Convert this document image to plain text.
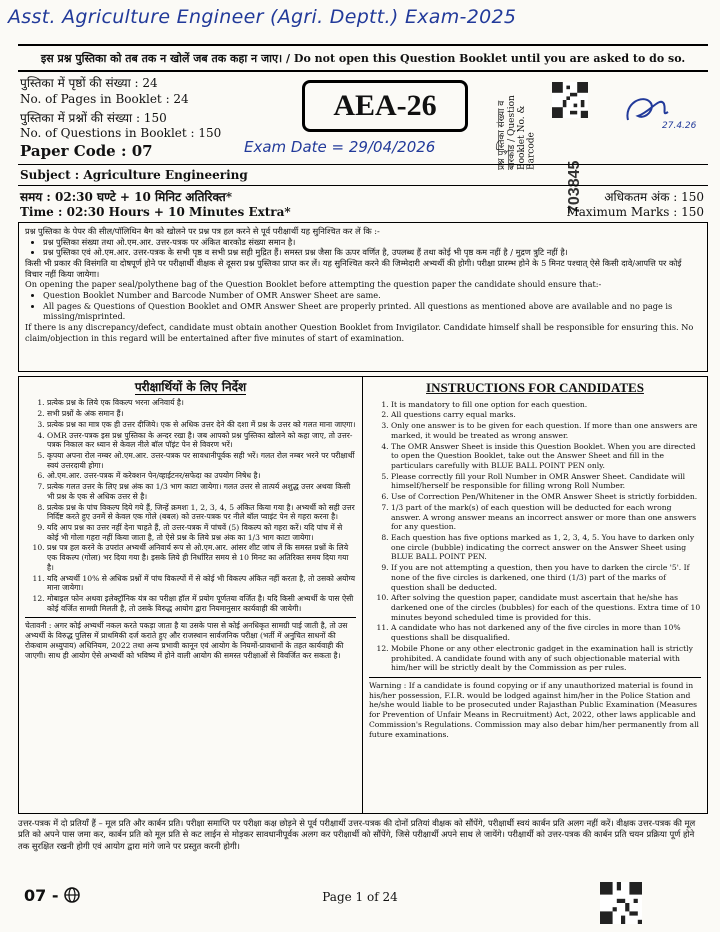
Asst. Agriculture Engineer (Agri. Deptt.) Exam-2025
इस प्रश्न पुस्तिका को तब तक न खोलें जब तक कहा न जाए। / Do not open this Question Booklet until you are asked to do so.
पुस्तिका में पृष्ठों की संख्या : 24
No. of Pages in Booklet : 24
पुस्तिका में प्रश्नों की संख्या : 150
No. of Questions in Booklet : 150
Paper Code : 07
AEA-26
Exam Date = 29/04/2026	प्रश्न पुस्तिका संख्या व बारकोड / Question Booklet No. & Barcode
703845
27.4.26
Subject : Agriculture Engineering
समय : 02:30 घण्टे + 10 मिनिट अतिरिक्त*	अधिकतम अंक : 150
Time : 02:30 Hours + 10 Minutes Extra*	Maximum Marks : 150

प्रश्न पुस्तिका के पेपर की सील/पॉलिथिन बैग को खोलने पर प्रश्न पत्र हल करने से पूर्व परीक्षार्थी यह सुनिश्चित कर लें कि :-

• प्रश्न पुस्तिका संख्या तथा ओ.एम.आर. उत्तर-पत्रक पर अंकित बारकोड संख्या समान है।
• प्रश्न पुस्तिका एवं ओ.एम.आर. उत्तर-पत्रक के सभी पृष्ठ व सभी प्रश्न सही मुद्रित हैं। समस्त प्रश्न जैसा कि ऊपर वर्णित है, उपलब्ध हैं तथा कोई भी पृष्ठ कम नहीं है / मुद्रण त्रुटि नहीं है।

किसी भी प्रकार की विसंगति या दोषपूर्ण होने पर परीक्षार्थी वीक्षक से दूसरा प्रश्न पुस्तिका प्राप्त कर लें। यह सुनिश्चित करने की जिम्मेदारी अभ्यर्थी की होगी। परीक्षा प्रारम्भ होने के 5 मिनट पश्चात् ऐसे किसी दावे/आपत्ति पर कोई विचार नहीं किया जायेगा।

On opening the paper seal/polythene bag of the Question Booklet before attempting the question paper the candidate should ensure that:-

• Question Booklet Number and Barcode Number of OMR Answer Sheet are same.
• All pages & Questions of Question Booklet and OMR Answer Sheet are properly printed. All questions as mentioned above are available and no page is missing/misprinted.

If there is any discrepancy/defect, candidate must obtain another Question Booklet from Invigilator. Candidate himself shall be responsible for ensuring this. No claim/objection in this regard will be entertained after five minutes of start of examination.

परीक्षार्थियों के लिए निर्देश
1. प्रत्येक प्रश्न के लिये एक विकल्प भरना अनिवार्य है।
2. सभी प्रश्नों के अंक समान हैं।
3. प्रत्येक प्रश्न का मात्र एक ही उत्तर दीजिये। एक से अधिक उत्तर देने की दशा में प्रश्न के उत्तर को गलत माना जाएगा।
4. OMR उत्तर-पत्रक इस प्रश्न पुस्तिका के अन्दर रखा है। जब आपको प्रश्न पुस्तिका खोलने को कहा जाए, तो उत्तर-पत्रक निकाल कर ध्यान से केवल नीले बॉल पॉइंट पेन से विवरण भरें।
5. कृपया अपना रोल नम्बर ओ.एम.आर. उत्तर-पत्रक पर सावधानीपूर्वक सही भरें। गलत रोल नम्बर भरने पर परीक्षार्थी स्वयं उत्तरदायी होगा।
6. ओ.एम.आर. उत्तर-पत्रक में करेक्शन पेन/व्हाईटनर/सफेदा का उपयोग निषेध है।
7. प्रत्येक गलत उत्तर के लिए प्रश्न अंक का 1/3 भाग काटा जायेगा। गलत उत्तर से तात्पर्य अशुद्ध उत्तर अथवा किसी भी प्रश्न के एक से अधिक उत्तर से है।
8. प्रत्येक प्रश्न के पांच विकल्प दिये गये हैं, जिन्हें क्रमशः 1, 2, 3, 4, 5 अंकित किया गया है। अभ्यर्थी को सही उत्तर निर्दिष्ट करते हुए उनमें से केवल एक गोले (बबल) को उत्तर-पत्रक पर नीले बॉल प्वाइंट पेन से गहरा करना है।
9. यदि आप प्रश्न का उत्तर नहीं देना चाहते हैं, तो उत्तर-पत्रक में पांचवें (5) विकल्प को गहरा करें। यदि पांच में से कोई भी गोला गहरा नहीं किया जाता है, तो ऐसे प्रश्न के लिये प्रश्न अंक का 1/3 भाग काटा जायेगा।
10. प्रश्न पत्र हल करने के उपरांत अभ्यर्थी अनिवार्य रूप से ओ.एम.आर. आंसर शीट जांच लें कि समस्त प्रश्नों के लिये एक विकल्प (गोला) भर दिया गया है। इसके लिये ही निर्धारित समय से 10 मिनट का अतिरिक्त समय दिया गया है।
11. यदि अभ्यर्थी 10% से अधिक प्रश्नों में पांच विकल्पों में से कोई भी विकल्प अंकित नहीं करता है, तो उसको अयोग्य माना जायेगा।
12. मोबाइल फोन अथवा इलेक्ट्रॉनिक यंत्र का परीक्षा हॉल में प्रयोग पूर्णतया वर्जित है। यदि किसी अभ्यर्थी के पास ऐसी कोई वर्जित सामग्री मिलती है, तो उसके विरुद्ध आयोग द्वारा नियमानुसार कार्यवाही की जायेगी।
चेतावनी : अगर कोई अभ्यर्थी नकल करते पकड़ा जाता है या उसके पास से कोई अनधिकृत सामग्री पाई जाती है, तो उस अभ्यर्थी के विरुद्ध पुलिस में प्राथमिकी दर्ज कराते हुए और राजस्थान सार्वजनिक परीक्षा (भर्ती में अनुचित साधनों की रोकथाम अध्युपाय) अधिनियम, 2022 तथा अन्य प्रभावी कानून एवं आयोग के नियमों-प्रावधानों के तहत कार्यवाही की जाएगी। साथ ही आयोग ऐसे अभ्यर्थी को भविष्य में होने वाली आयोग की समस्त परीक्षाओं से विवर्जित कर सकता है।
INSTRUCTIONS FOR CANDIDATES
1. It is mandatory to fill one option for each question.
2. All questions carry equal marks.
3. Only one answer is to be given for each question. If more than one answers are marked, it would be treated as wrong answer.
4. The OMR Answer Sheet is inside this Question Booklet. When you are directed to open the Question Booklet, take out the Answer Sheet and fill in the particulars carefully with BLUE BALL POINT PEN only.
5. Please correctly fill your Roll Number in OMR Answer Sheet. Candidate will himself/herself be responsible for filling wrong Roll Number.
6. Use of Correction Pen/Whitener in the OMR Answer Sheet is strictly forbidden.
7. 1/3 part of the mark(s) of each question will be deducted for each wrong answer. A wrong answer means an incorrect answer or more than one answers for any question.
8. Each question has five options marked as 1, 2, 3, 4, 5. You have to darken only one circle (bubble) indicating the correct answer on the Answer Sheet using BLUE BALL POINT PEN.
9. If you are not attempting a question, then you have to darken the circle '5'. If none of the five circles is darkened, one third (1/3) part of the marks of question shall be deducted.
10. After solving the question paper, candidate must ascertain that he/she has darkened one of the circles (bubbles) for each of the questions. Extra time of 10 minutes beyond scheduled time is provided for this.
11. A candidate who has not darkened any of the five circles in more than 10% questions shall be disqualified.
12. Mobile Phone or any other electronic gadget in the examination hall is strictly prohibited. A candidate found with any of such objectionable material with him/her will be strictly dealt by the Commission as per rules.
Warning : If a candidate is found copying or if any unauthorized material is found in his/her possession, F.I.R. would be lodged against him/her in the Police Station and he/she would liable to be prosecuted under Rajasthan Public Examination (Measures for Prevention of Unfair Means in Recruitment) Act, 2022, other laws applicable and Commission's Regulations. Commission may also debar him/her permanently from all future examinations.
उत्तर-पत्रक में दो प्रतियाँ हैं – मूल प्रति और कार्बन प्रति। परीक्षा समाप्ति पर परीक्षा कक्ष छोड़ने से पूर्व परीक्षार्थी उत्तर-पत्रक की दोनों प्रतियां वीक्षक को सौंपेंगे, परीक्षार्थी स्वयं कार्बन प्रति अलग नहीं करें। वीक्षक उत्तर-पत्रक की मूल प्रति को अपने पास जमा कर, कार्बन प्रति को मूल प्रति से कट लाईन से मोड़कर सावधानीपूर्वक अलग कर परीक्षार्थी को सौंपेंगे, जिसे परीक्षार्थी अपने साथ ले जायेंगे। परीक्षार्थी को उत्तर-पत्रक की कार्बन प्रति चयन प्रक्रिया पूर्ण होने तक सुरक्षित रखनी होगी एवं आयोग द्वारा मांगे जाने पर प्रस्तुत करनी होगी।
07 -	Page 1 of 24
